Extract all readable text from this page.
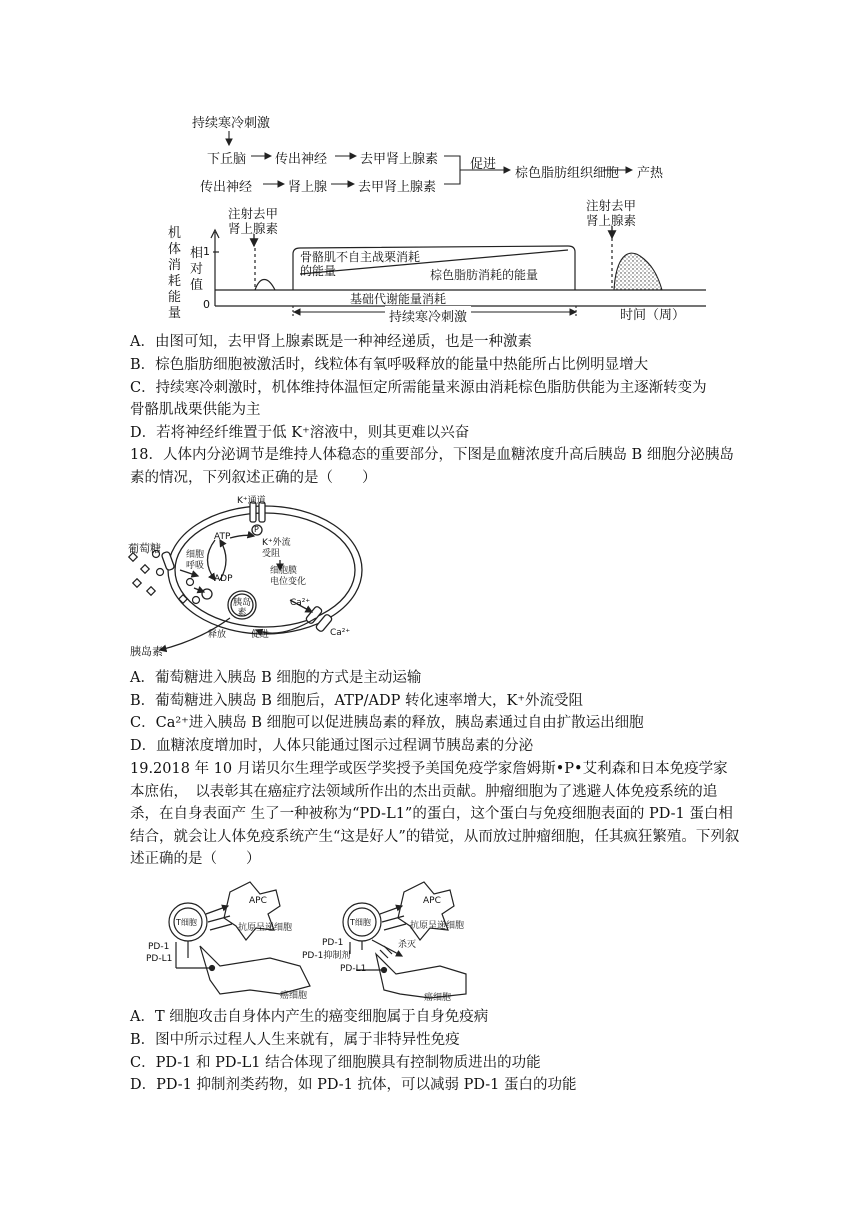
持续寒冷刺激
下丘脑 传出神经	去甲肾上腺素
传出神经	肾上腺 去甲肾上腺素
促进
棕色脂肪组织细胞 产热
机
体
消
耗
能
量
相
对
值
1
0
注射去甲
肾上腺素
注射去甲
肾上腺素
骨骼肌不自主战栗消耗
的能量	棕色脂肪消耗的能量
基础代谢能量消耗
持续寒冷刺激	时间（周）
A．由图可知，去甲肾上腺素既是一种神经递质，也是一种激素
B．棕色脂肪细胞被激活时，线粒体有氧呼吸释放的能量中热能所占比例明显增大
C．持续寒冷刺激时，机体维持体温恒定所需能量来源由消耗棕色脂肪供能为主逐渐转变为
骨骼肌战栗供能为主
D．若将神经纤维置于低 K⁺溶液中，则其更难以兴奋
18．人体内分泌调节是维持人体稳态的重要部分，下图是血糖浓度升高后胰岛 B 细胞分泌胰岛素的情况，下列叙述正确的是（　　）
K⁺通道
葡萄糖
ATP
ADP
细胞
呼吸
K⁺外流
受阻
细胞膜
电位变化
胰岛
素
释放	促进
胰岛素
Ca²⁺
Ca²⁺
P
A．葡萄糖进入胰岛 B 细胞的方式是主动运输
B．葡萄糖进入胰岛 B 细胞后，ATP/ADP 转化速率增大，K⁺外流受阻
C．Ca²⁺进入胰岛 B 细胞可以促进胰岛素的释放，胰岛素通过自由扩散运出细胞
D．血糖浓度增加时，人体只能通过图示过程调节胰岛素的分泌
19.2018 年 10 月诺贝尔生理学或医学奖授予美国免疫学家詹姆斯•P•艾利森和日本免疫学家本庶佑，　以表彰其在癌症疗法领域所作出的杰出贡献。肿瘤细胞为了逃避人体免疫系统的追杀，在自身表面产 生了一种被称为“PD-L1”的蛋白，这个蛋白与免疫细胞表面的 PD-1 蛋白相结合，就会让人体免疫系统产生“这是好人”的错觉，从而放过肿瘤细胞，任其疯狂繁殖。下列叙述正确的是（　　）
APC
T细胞
抗原呈递细胞
PD-1
PD-L1
癌细胞
APC
T细胞	抗原呈递细胞
PD-1
PD-1抑制剂
杀灭
PD-L1
癌细胞
A．T 细胞攻击自身体内产生的癌变细胞属于自身免疫病
B．图中所示过程人人生来就有，属于非特异性免疫
C．PD-1 和 PD-L1 结合体现了细胞膜具有控制物质进出的功能
D．PD-1 抑制剂类药物，如 PD-1 抗体，可以减弱 PD-1 蛋白的功能
